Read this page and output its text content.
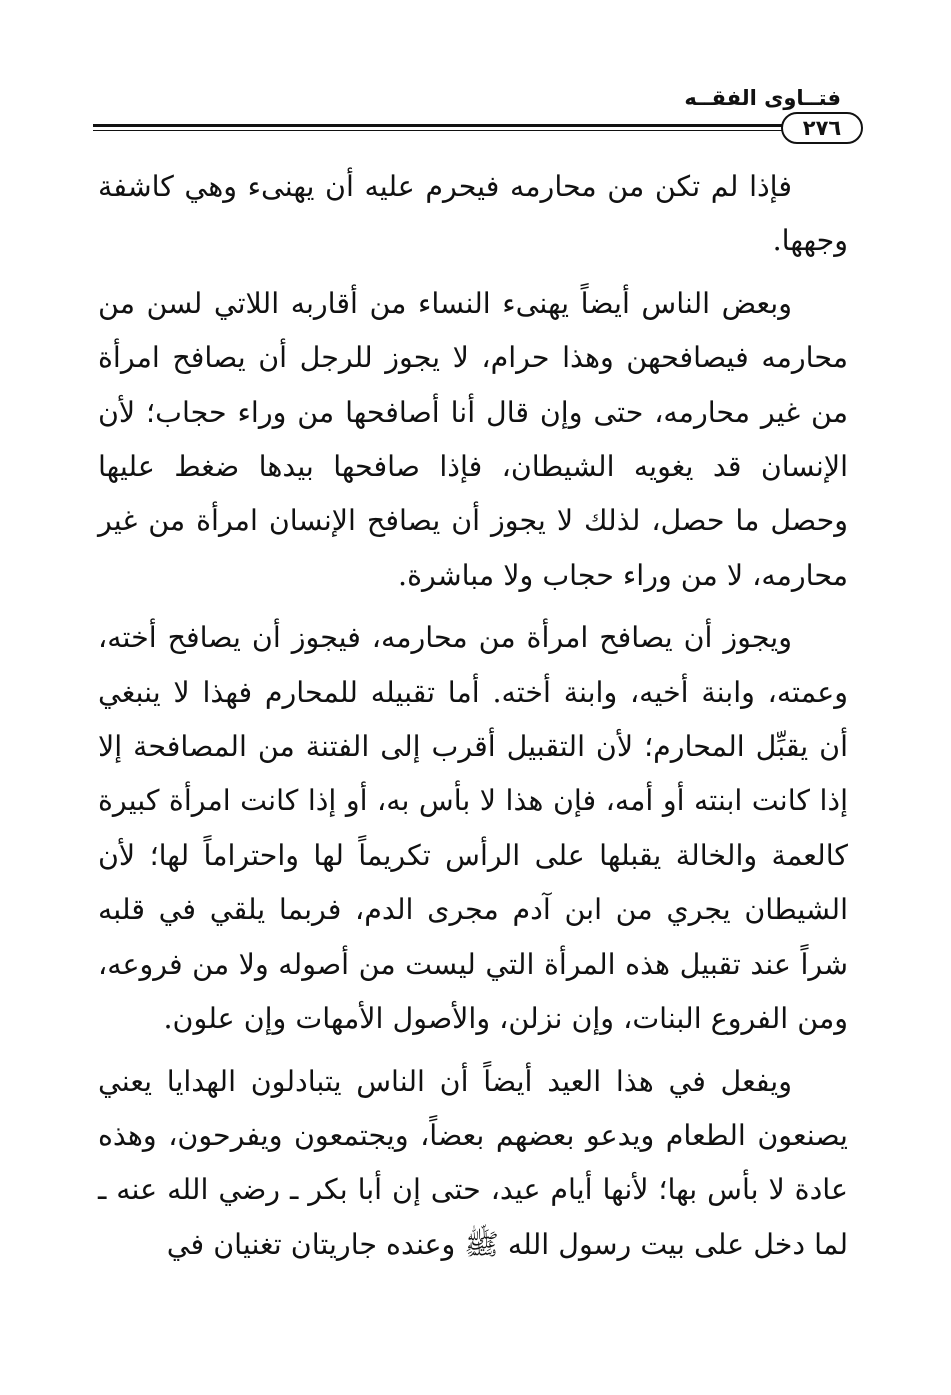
فتــاوى الفقــه
٢٧٦

فإذا لم تكن من محارمه فيحرم عليه أن يهنىء وهي كاشفة وجهها.

وبعض الناس أيضاً يهنىء النساء من أقاربه اللاتي لسن من محارمه فيصافحهن وهذا حرام، لا يجوز للرجل أن يصافح امرأة من غير محارمه، حتى وإن قال أنا أصافحها من وراء حجاب؛ لأن الإنسان قد يغويه الشيطان، فإذا صافحها بيدها ضغط عليها وحصل ما حصل، لذلك لا يجوز أن يصافح الإنسان امرأة من غير محارمه، لا من وراء حجاب ولا مباشرة.

ويجوز أن يصافح امرأة من محارمه، فيجوز أن يصافح أخته، وعمته، وابنة أخيه، وابنة أخته. أما تقبيله للمحارم فهذا لا ينبغي أن يقبِّل المحارم؛ لأن التقبيل أقرب إلى الفتنة من المصافحة إلا إذا كانت ابنته أو أمه، فإن هذا لا بأس به، أو إذا كانت امرأة كبيرة كالعمة والخالة يقبلها على الرأس تكريماً لها واحتراماً لها؛ لأن الشيطان يجري من ابن آدم مجرى الدم، فربما يلقي في قلبه شراً عند تقبيل هذه المرأة التي ليست من أصوله ولا من فروعه، ومن الفروع البنات، وإن نزلن، والأصول الأمهات وإن علون.

ويفعل في هذا العيد أيضاً أن الناس يتبادلون الهدايا يعني يصنعون الطعام ويدعو بعضهم بعضاً، ويجتمعون ويفرحون، وهذه عادة لا بأس بها؛ لأنها أيام عيد، حتى إن أبا بكر ـ رضي الله عنه ـ لما دخل على بيت رسول الله ﷺ وعنده جاريتان تغنيان في
